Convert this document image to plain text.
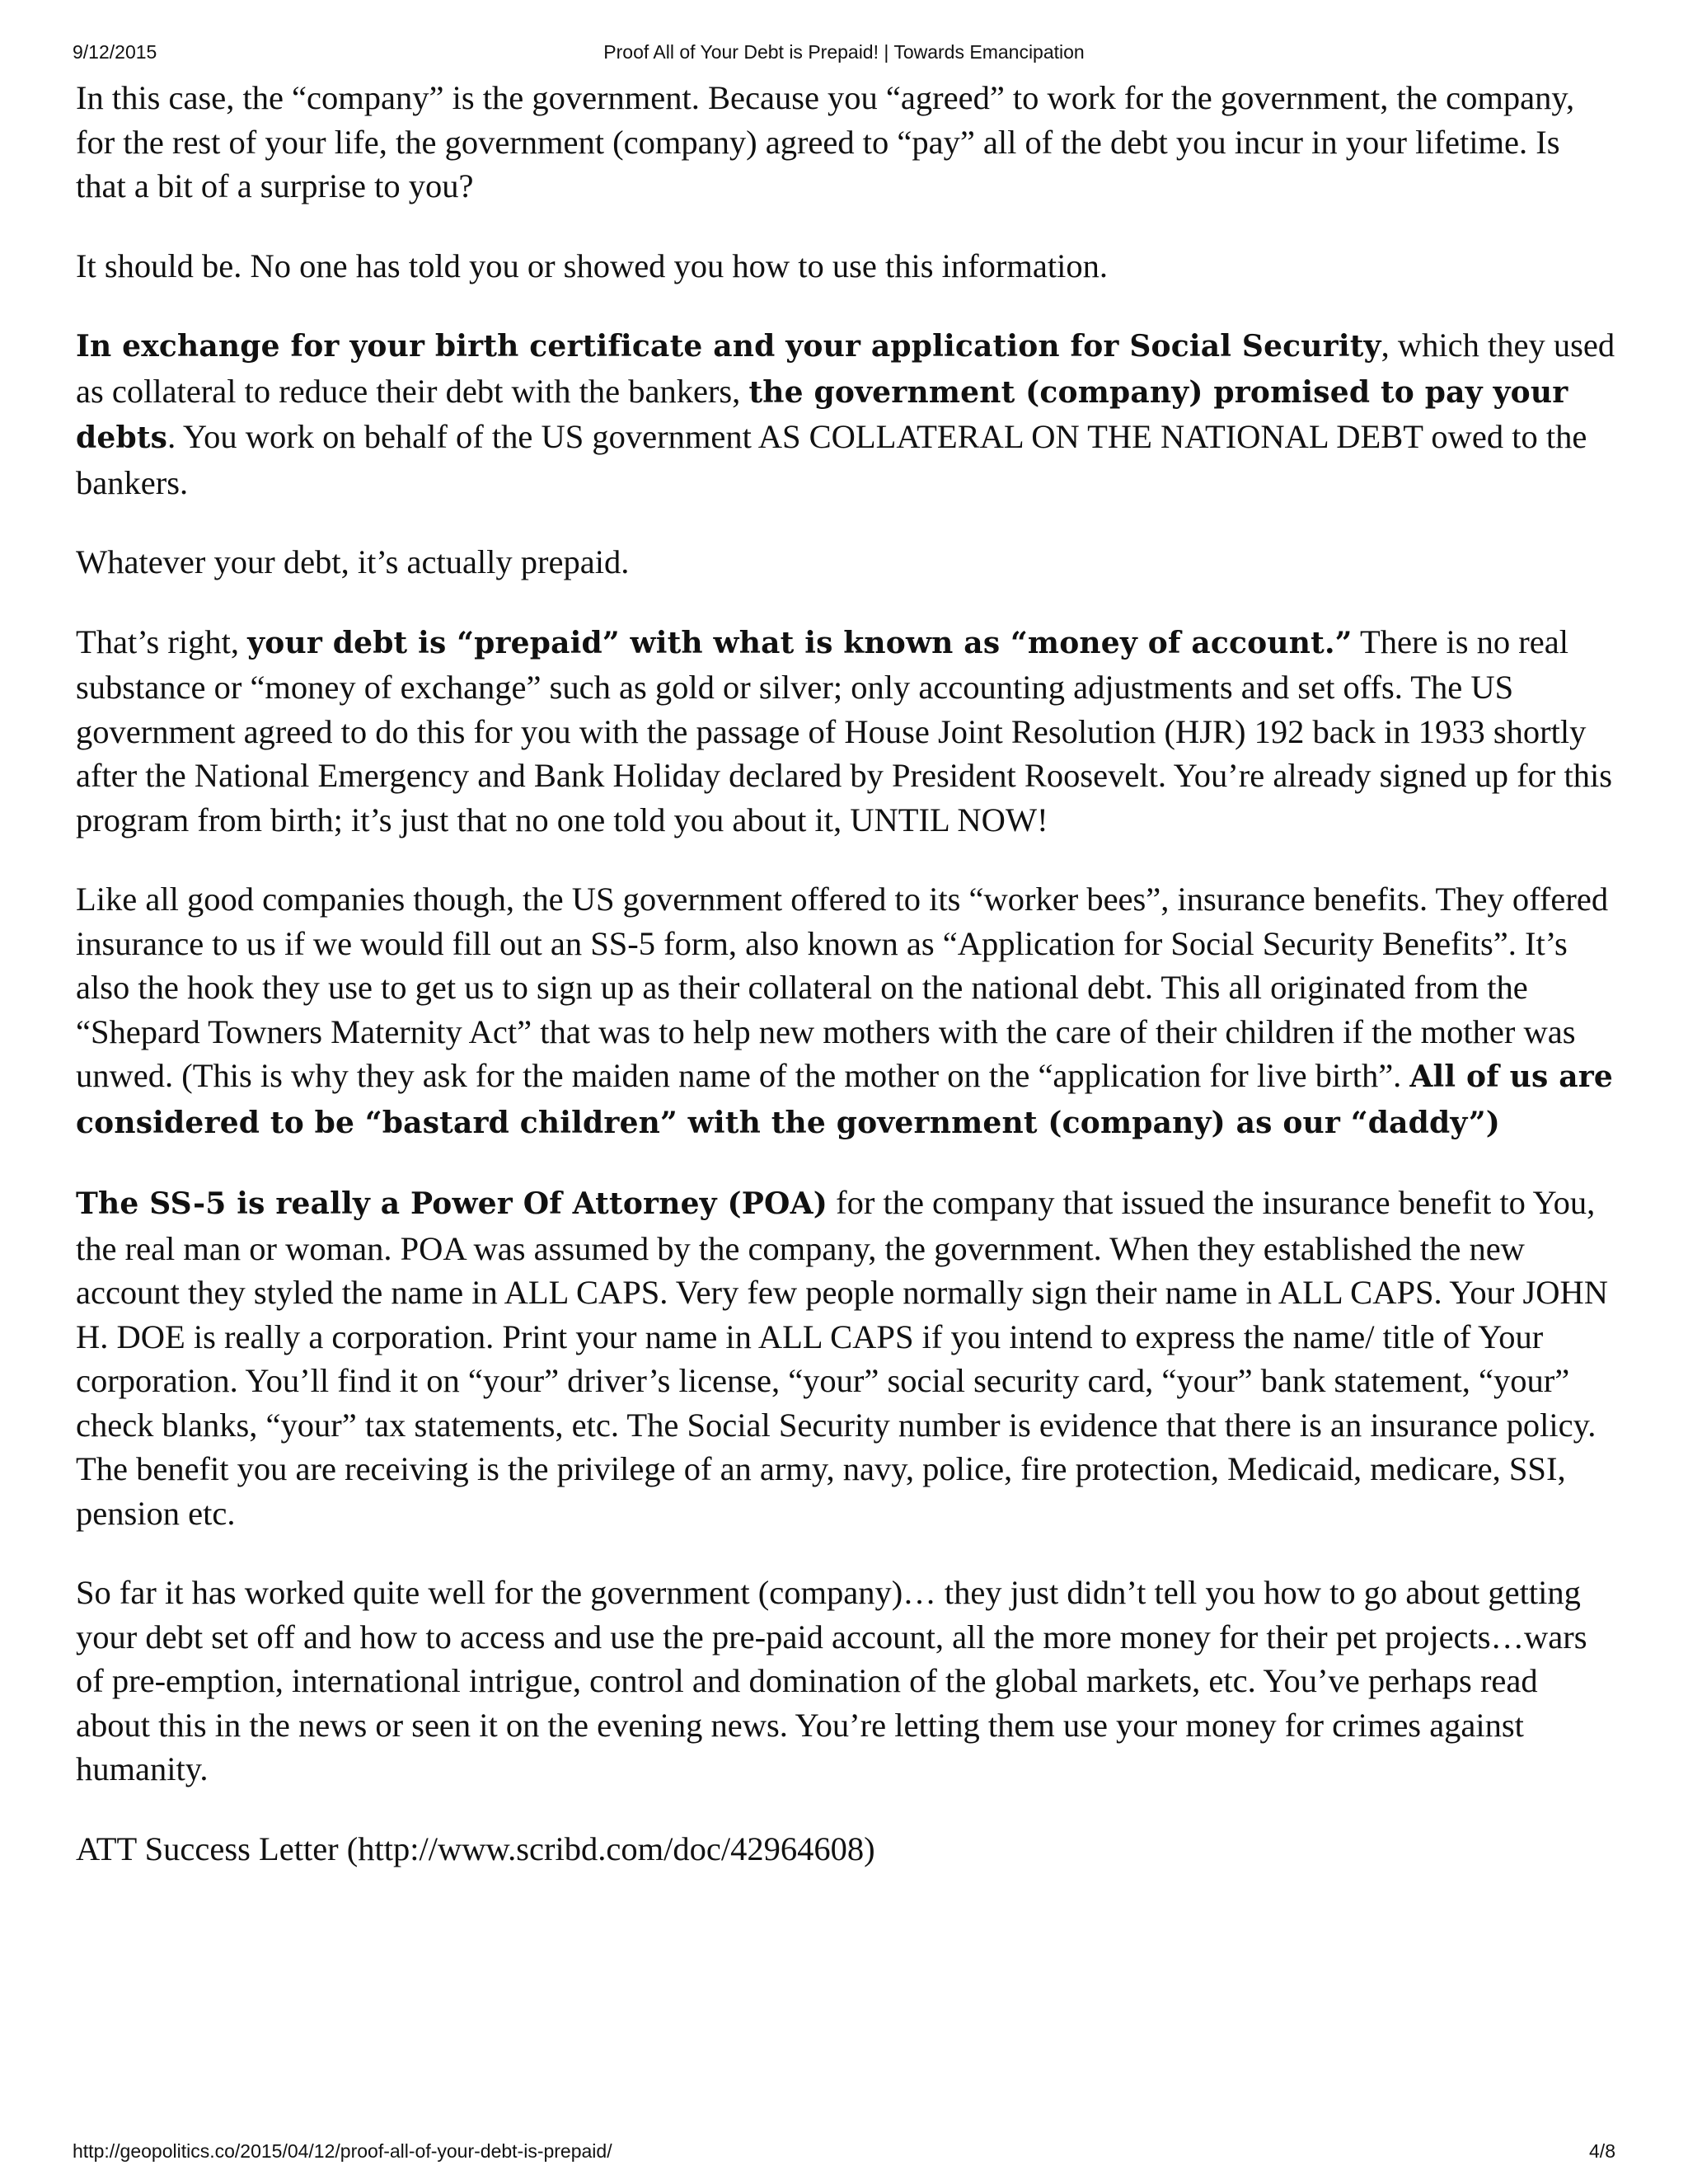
9/12/2015	Proof All of Your Debt is Prepaid! | Towards Emancipation

In this case, the “company” is the government. Because you “agreed” to work for the government, the company, for the rest of your life, the government (company) agreed to “pay” all of the debt you incur in your lifetime. Is that a bit of a surprise to you?

It should be. No one has told you or showed you how to use this information.

In exchange for your birth certificate and your application for Social Security, which they used as collateral to reduce their debt with the bankers, the government (company) promised to pay your debts. You work on behalf of the US government AS COLLATERAL ON THE NATIONAL DEBT owed to the bankers.

Whatever your debt, it’s actually prepaid.

That’s right, your debt is “prepaid” with what is known as “money of account.” There is no real substance or “money of exchange” such as gold or silver; only accounting adjustments and set offs. The US government agreed to do this for you with the passage of House Joint Resolution (HJR) 192 back in 1933 shortly after the National Emergency and Bank Holiday declared by President Roosevelt. You’re already signed up for this program from birth; it’s just that no one told you about it, UNTIL NOW!

Like all good companies though, the US government offered to its “worker bees”, insurance benefits. They offered insurance to us if we would fill out an SS-5 form, also known as “Application for Social Security Benefits”. It’s also the hook they use to get us to sign up as their collateral on the national debt. This all originated from the “Shepard Towners Maternity Act” that was to help new mothers with the care of their children if the mother was unwed. (This is why they ask for the maiden name of the mother on the “application for live birth”. All of us are considered to be “bastard children” with the government (company) as our “daddy”)

The SS-5 is really a Power Of Attorney (POA) for the company that issued the insurance benefit to You, the real man or woman. POA was assumed by the company, the government. When they established the new account they styled the name in ALL CAPS. Very few people normally sign their name in ALL CAPS. Your JOHN H. DOE is really a corporation. Print your name in ALL CAPS if you intend to express the name/ title of Your corporation. You’ll find it on “your” driver’s license, “your” social security card, “your” bank statement, “your” check blanks, “your” tax statements, etc. The Social Security number is evidence that there is an insurance policy. The benefit you are receiving is the privilege of an army, navy, police, fire protection, Medicaid, medicare, SSI, pension etc.

So far it has worked quite well for the government (company)… they just didn’t tell you how to go about getting your debt set off and how to access and use the pre-paid account, all the more money for their pet projects…wars of pre-emption, international intrigue, control and domination of the global markets, etc. You’ve perhaps read about this in the news or seen it on the evening news. You’re letting them use your money for crimes against humanity.

ATT Success Letter (http://www.scribd.com/doc/42964608)

http://geopolitics.co/2015/04/12/proof-all-of-your-debt-is-prepaid/	4/8
